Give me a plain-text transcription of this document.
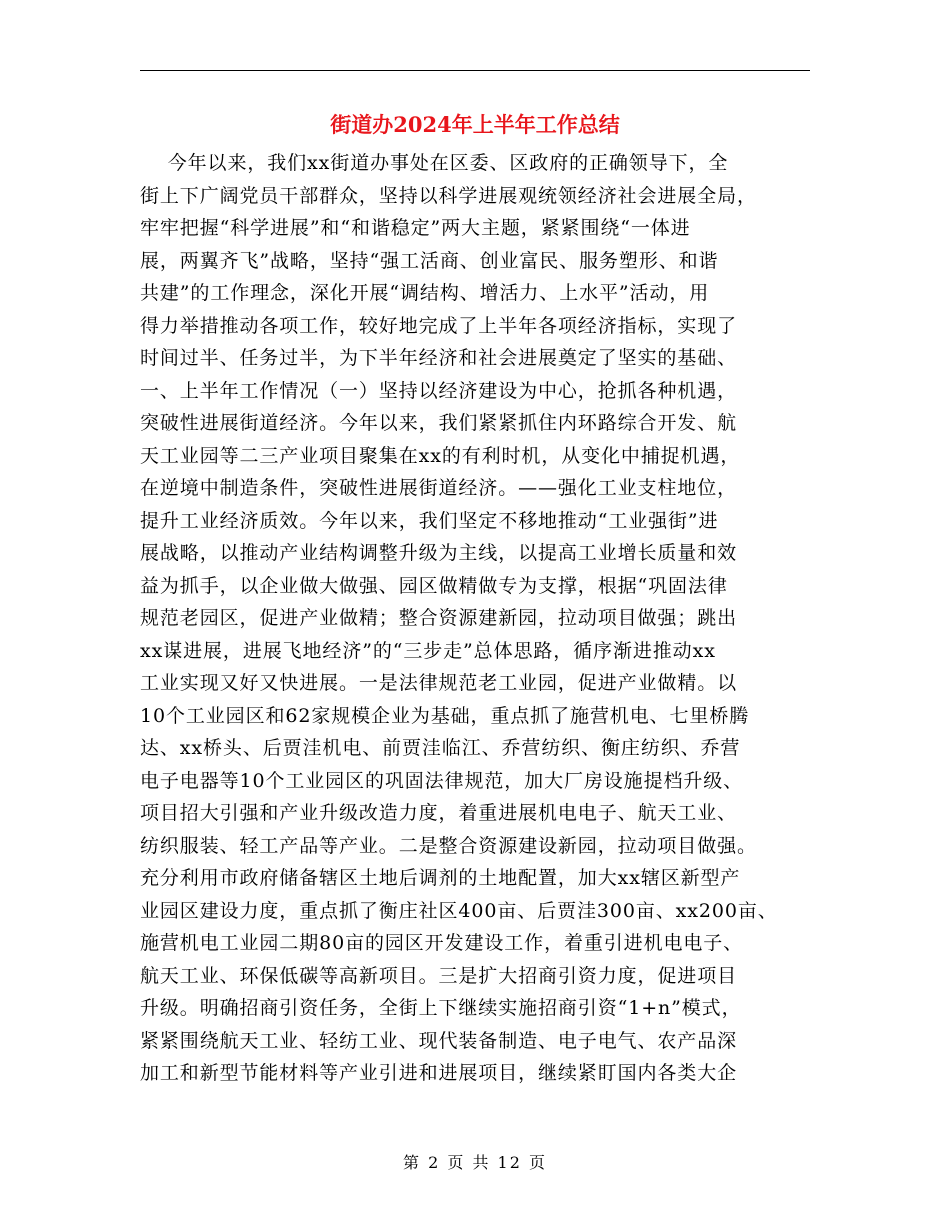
街道办2024年上半年工作总结
今年以来，我们xx街道办事处在区委、区政府的正确领导下，全
街上下广阔党员干部群众，坚持以科学进展观统领经济社会进展全局，
牢牢把握“科学进展”和“和谐稳定”两大主题，紧紧围绕“一体进
展，两翼齐飞”战略，坚持“强工活商、创业富民、服务塑形、和谐
共建”的工作理念，深化开展“调结构、增活力、上水平”活动，用
得力举措推动各项工作，较好地完成了上半年各项经济指标，实现了
时间过半、任务过半，为下半年经济和社会进展奠定了坚实的基础、
一、上半年工作情况（一）坚持以经济建设为中心，抢抓各种机遇，
突破性进展街道经济。今年以来，我们紧紧抓住内环路综合开发、航
天工业园等二三产业项目聚集在xx的有利时机，从变化中捕捉机遇，
在逆境中制造条件，突破性进展街道经济。——强化工业支柱地位，
提升工业经济质效。今年以来，我们坚定不移地推动“工业强街”进
展战略，以推动产业结构调整升级为主线，以提高工业增长质量和效
益为抓手，以企业做大做强、园区做精做专为支撑，根据“巩固法律
规范老园区，促进产业做精；整合资源建新园，拉动项目做强；跳出
xx谋进展，进展飞地经济”的“三步走”总体思路，循序渐进推动xx
工业实现又好又快进展。一是法律规范老工业园，促进产业做精。以
10个工业园区和62家规模企业为基础，重点抓了施营机电、七里桥腾
达、xx桥头、后贾洼机电、前贾洼临江、乔营纺织、衡庄纺织、乔营
电子电器等10个工业园区的巩固法律规范，加大厂房设施提档升级、
项目招大引强和产业升级改造力度，着重进展机电电子、航天工业、
纺织服装、轻工产品等产业。二是整合资源建设新园，拉动项目做强。
充分利用市政府储备辖区土地后调剂的土地配置，加大xx辖区新型产
业园区建设力度，重点抓了衡庄社区400亩、后贾洼300亩、xx200亩、
施营机电工业园二期80亩的园区开发建设工作，着重引进机电电子、
航天工业、环保低碳等高新项目。三是扩大招商引资力度，促进项目
升级。明确招商引资任务，全街上下继续实施招商引资“1+n”模式，
紧紧围绕航天工业、轻纺工业、现代装备制造、电子电气、农产品深
加工和新型节能材料等产业引进和进展项目，继续紧盯国内各类大企
第 2 页 共 12 页
